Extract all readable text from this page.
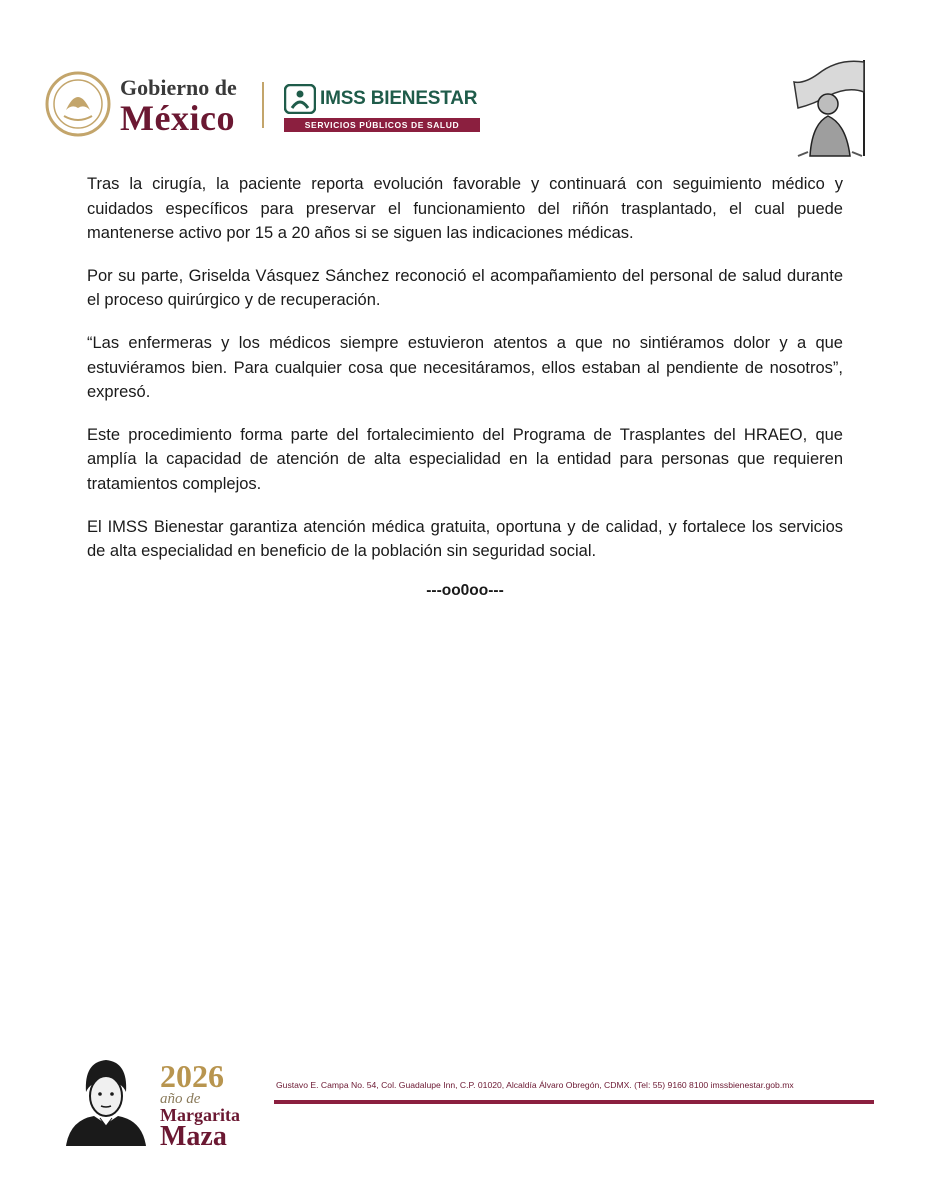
Gobierno de
México	IMSS BIENESTAR
SERVICIOS PÚBLICOS DE SALUD

Tras la cirugía, la paciente reporta evolución favorable y continuará con seguimiento médico y cuidados específicos para preservar el funcionamiento del riñón trasplantado, el cual puede mantenerse activo por 15 a 20 años si se siguen las indicaciones médicas.

Por su parte, Griselda Vásquez Sánchez reconoció el acompañamiento del personal de salud durante el proceso quirúrgico y de recuperación.

“Las enfermeras y los médicos siempre estuvieron atentos a que no sintiéramos dolor y a que estuviéramos bien. Para cualquier cosa que necesitáramos, ellos estaban al pendiente de nosotros”, expresó.

Este procedimiento forma parte del fortalecimiento del Programa de Trasplantes del HRAEO, que amplía la capacidad de atención de alta especialidad en la entidad para personas que requieren tratamientos complejos.

El IMSS Bienestar garantiza atención médica gratuita, oportuna y de calidad, y fortalece los servicios de alta especialidad en beneficio de la población sin seguridad social.

---oo0oo---
2026
año de
Margarita
Maza
Gustavo E. Campa No. 54, Col. Guadalupe Inn, C.P. 01020, Alcaldía Álvaro Obregón, CDMX. (Tel: 55) 9160 8100 imssbienestar.gob.mx
